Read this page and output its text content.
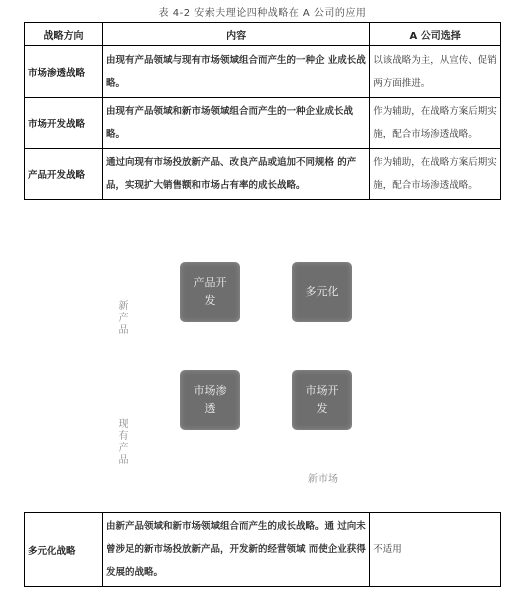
表 4-2 安索夫理论四种战略在 A 公司的应用
战略方向	内容	A 公司选择
市场渗透战略	由现有产品领域与现有市场领域组合而产生的一种企 业成长战略。	以该战略为主，从宣传、促销两方面推进。
市场开发战略	由现有产品领域和新市场领域组合而产生的一种企业成长战略。	作为辅助，在战略方案后期实施，配合市场渗透战略。
产品开发战略	通过向现有市场投放新产品、改良产品或追加不同规格 的产品，实现扩大销售额和市场占有率的成长战略。	作为辅助，在战略方案后期实施，配合市场渗透战略。
产品开发
多元化
市场渗透
市场开发
新产品
现有产品
新市场
多元化战略	由新产品领域和新市场领域组合而产生的成长战略。通 过向未曾涉足的新市场投放新产品，开发新的经营领域 而使企业获得发展的战略。	不适用
